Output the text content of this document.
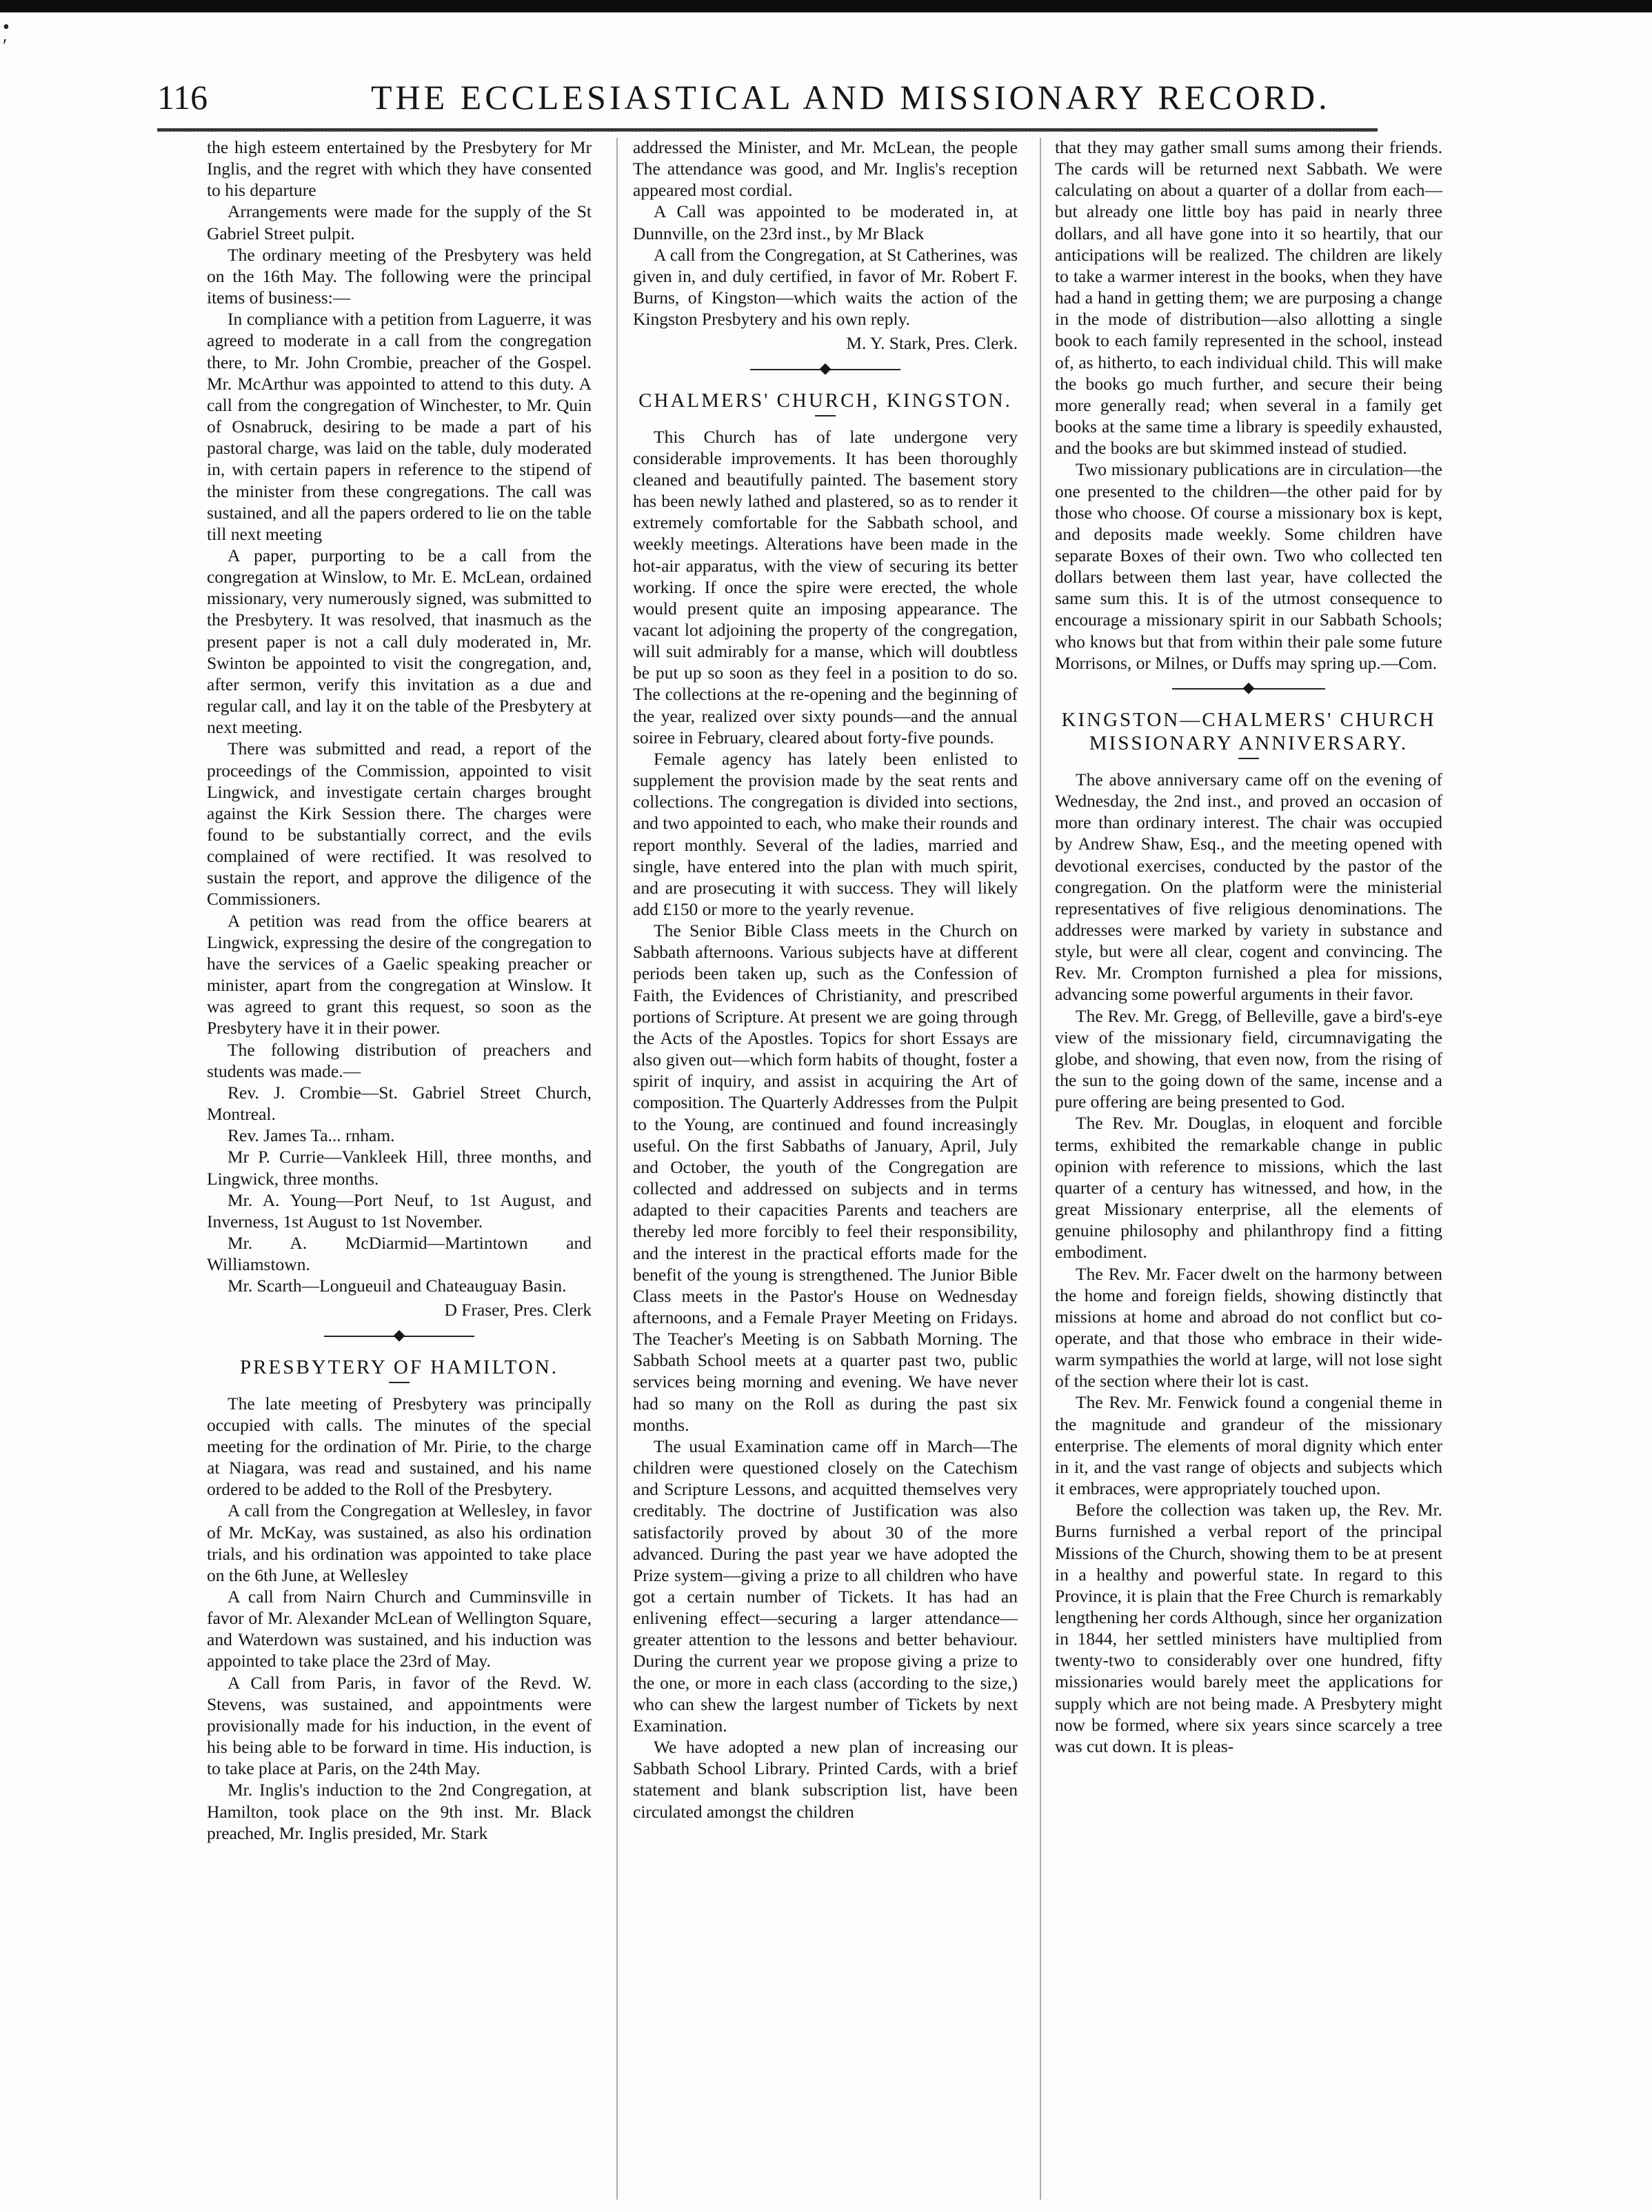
•
′
116	THE ECCLESIASTICAL AND MISSIONARY RECORD.

the high esteem entertained by the Presbytery for Mr Inglis, and the regret with which they have consented to his departure

Arrangements were made for the supply of the St Gabriel Street pulpit.

The ordinary meeting of the Presbytery was held on the 16th May. The following were the principal items of business:—

In compliance with a petition from Laguerre, it was agreed to moderate in a call from the congregation there, to Mr. John Crombie, preacher of the Gospel. Mr. McArthur was appointed to attend to this duty. A call from the congregation of Winchester, to Mr. Quin of Osnabruck, desiring to be made a part of his pastoral charge, was laid on the table, duly moderated in, with certain papers in reference to the stipend of the minister from these congregations. The call was sustained, and all the papers ordered to lie on the table till next meeting

A paper, purporting to be a call from the congregation at Winslow, to Mr. E. McLean, ordained missionary, very numerously signed, was submitted to the Presbytery. It was resolved, that inasmuch as the present paper is not a call duly moderated in, Mr. Swinton be appointed to visit the congregation, and, after sermon, verify this invitation as a due and regular call, and lay it on the table of the Presbytery at next meeting.

There was submitted and read, a report of the proceedings of the Commission, appointed to visit Lingwick, and investigate certain charges brought against the Kirk Session there. The charges were found to be substantially correct, and the evils complained of were rectified. It was resolved to sustain the report, and approve the diligence of the Commissioners.

A petition was read from the office bearers at Lingwick, expressing the desire of the congregation to have the services of a Gaelic speaking preacher or minister, apart from the congregation at Winslow. It was agreed to grant this request, so soon as the Presbytery have it in their power.

The following distribution of preachers and students was made.—

Rev. J. Crombie—St. Gabriel Street Church, Montreal.

Rev. James Ta... rnham.

Mr P. Currie—Vankleek Hill, three months, and Lingwick, three months.

Mr. A. Young—Port Neuf, to 1st August, and Inverness, 1st August to 1st November.

Mr. A. McDiarmid—Martintown and Williamstown.

Mr. Scarth—Longueuil and Chateauguay Basin.

D Fraser, Pres. Clerk

◆

PRESBYTERY OF HAMILTON.

The late meeting of Presbytery was principally occupied with calls. The minutes of the special meeting for the ordination of Mr. Pirie, to the charge at Niagara, was read and sustained, and his name ordered to be added to the Roll of the Presbytery.

A call from the Congregation at Wellesley, in favor of Mr. McKay, was sustained, as also his ordination trials, and his ordination was appointed to take place on the 6th June, at Wellesley

A call from Nairn Church and Cumminsville in favor of Mr. Alexander McLean of Wellington Square, and Waterdown was sustained, and his induction was appointed to take place the 23rd of May.

A Call from Paris, in favor of the Revd. W. Stevens, was sustained, and appointments were provisionally made for his induction, in the event of his being able to be forward in time. His induction, is to take place at Paris, on the 24th May.

Mr. Inglis's induction to the 2nd Congregation, at Hamilton, took place on the 9th inst. Mr. Black preached, Mr. Inglis presided, Mr. Stark

addressed the Minister, and Mr. McLean, the people The attendance was good, and Mr. Inglis's reception appeared most cordial.

A Call was appointed to be moderated in, at Dunnville, on the 23rd inst., by Mr Black

A call from the Congregation, at St Catherines, was given in, and duly certified, in favor of Mr. Robert F. Burns, of Kingston—which waits the action of the Kingston Presbytery and his own reply.

M. Y. Stark, Pres. Clerk.

◆

CHALMERS' CHURCH, KINGSTON.

This Church has of late undergone very considerable improvements. It has been thoroughly cleaned and beautifully painted. The basement story has been newly lathed and plastered, so as to render it extremely comfortable for the Sabbath school, and weekly meetings. Alterations have been made in the hot-air apparatus, with the view of securing its better working. If once the spire were erected, the whole would present quite an imposing appearance. The vacant lot adjoining the property of the congregation, will suit admirably for a manse, which will doubtless be put up so soon as they feel in a position to do so. The collections at the re-opening and the beginning of the year, realized over sixty pounds—and the annual soiree in February, cleared about forty-five pounds.

Female agency has lately been enlisted to supplement the provision made by the seat rents and collections. The congregation is divided into sections, and two appointed to each, who make their rounds and report monthly. Several of the ladies, married and single, have entered into the plan with much spirit, and are prosecuting it with success. They will likely add £150 or more to the yearly revenue.

The Senior Bible Class meets in the Church on Sabbath afternoons. Various subjects have at different periods been taken up, such as the Confession of Faith, the Evidences of Christianity, and prescribed portions of Scripture. At present we are going through the Acts of the Apostles. Topics for short Essays are also given out—which form habits of thought, foster a spirit of inquiry, and assist in acquiring the Art of composition. The Quarterly Addresses from the Pulpit to the Young, are continued and found increasingly useful. On the first Sabbaths of January, April, July and October, the youth of the Congregation are collected and addressed on subjects and in terms adapted to their capacities Parents and teachers are thereby led more forcibly to feel their responsibility, and the interest in the practical efforts made for the benefit of the young is strengthened. The Junior Bible Class meets in the Pastor's House on Wednesday afternoons, and a Female Prayer Meeting on Fridays. The Teacher's Meeting is on Sabbath Morning. The Sabbath School meets at a quarter past two, public services being morning and evening. We have never had so many on the Roll as during the past six months.

The usual Examination came off in March—The children were questioned closely on the Catechism and Scripture Lessons, and acquitted themselves very creditably. The doctrine of Justification was also satisfactorily proved by about 30 of the more advanced. During the past year we have adopted the Prize system—giving a prize to all children who have got a certain number of Tickets. It has had an enlivening effect—securing a larger attendance—greater attention to the lessons and better behaviour. During the current year we propose giving a prize to the one, or more in each class (according to the size,) who can shew the largest number of Tickets by next Examination.

We have adopted a new plan of increasing our Sabbath School Library. Printed Cards, with a brief statement and blank subscription list, have been circulated amongst the children

that they may gather small sums among their friends. The cards will be returned next Sabbath. We were calculating on about a quarter of a dollar from each—but already one little boy has paid in nearly three dollars, and all have gone into it so heartily, that our anticipations will be realized. The children are likely to take a warmer interest in the books, when they have had a hand in getting them; we are purposing a change in the mode of distribution—also allotting a single book to each family represented in the school, instead of, as hitherto, to each individual child. This will make the books go much further, and secure their being more generally read; when several in a family get books at the same time a library is speedily exhausted, and the books are but skimmed instead of studied.

Two missionary publications are in circulation—the one presented to the children—the other paid for by those who choose. Of course a missionary box is kept, and deposits made weekly. Some children have separate Boxes of their own. Two who collected ten dollars between them last year, have collected the same sum this. It is of the utmost consequence to encourage a missionary spirit in our Sabbath Schools; who knows but that from within their pale some future Morrisons, or Milnes, or Duffs may spring up.—Com.

◆

KINGSTON—CHALMERS' CHURCH MISSIONARY ANNIVERSARY.

The above anniversary came off on the evening of Wednesday, the 2nd inst., and proved an occasion of more than ordinary interest. The chair was occupied by Andrew Shaw, Esq., and the meeting opened with devotional exercises, conducted by the pastor of the congregation. On the platform were the ministerial representatives of five religious denominations. The addresses were marked by variety in substance and style, but were all clear, cogent and convincing. The Rev. Mr. Crompton furnished a plea for missions, advancing some powerful arguments in their favor.

The Rev. Mr. Gregg, of Belleville, gave a bird's-eye view of the missionary field, circumnavigating the globe, and showing, that even now, from the rising of the sun to the going down of the same, incense and a pure offering are being presented to God.

The Rev. Mr. Douglas, in eloquent and forcible terms, exhibited the remarkable change in public opinion with reference to missions, which the last quarter of a century has witnessed, and how, in the great Missionary enterprise, all the elements of genuine philosophy and philanthropy find a fitting embodiment.

The Rev. Mr. Facer dwelt on the harmony between the home and foreign fields, showing distinctly that missions at home and abroad do not conflict but co-operate, and that those who embrace in their wide-warm sympathies the world at large, will not lose sight of the section where their lot is cast.

The Rev. Mr. Fenwick found a congenial theme in the magnitude and grandeur of the missionary enterprise. The elements of moral dignity which enter in it, and the vast range of objects and subjects which it embraces, were appropriately touched upon.

Before the collection was taken up, the Rev. Mr. Burns furnished a verbal report of the principal Missions of the Church, showing them to be at present in a healthy and powerful state. In regard to this Province, it is plain that the Free Church is remarkably lengthening her cords Although, since her organization in 1844, her settled ministers have multiplied from twenty-two to considerably over one hundred, fifty missionaries would barely meet the applications for supply which are not being made. A Presbytery might now be formed, where six years since scarcely a tree was cut down. It is pleas-
